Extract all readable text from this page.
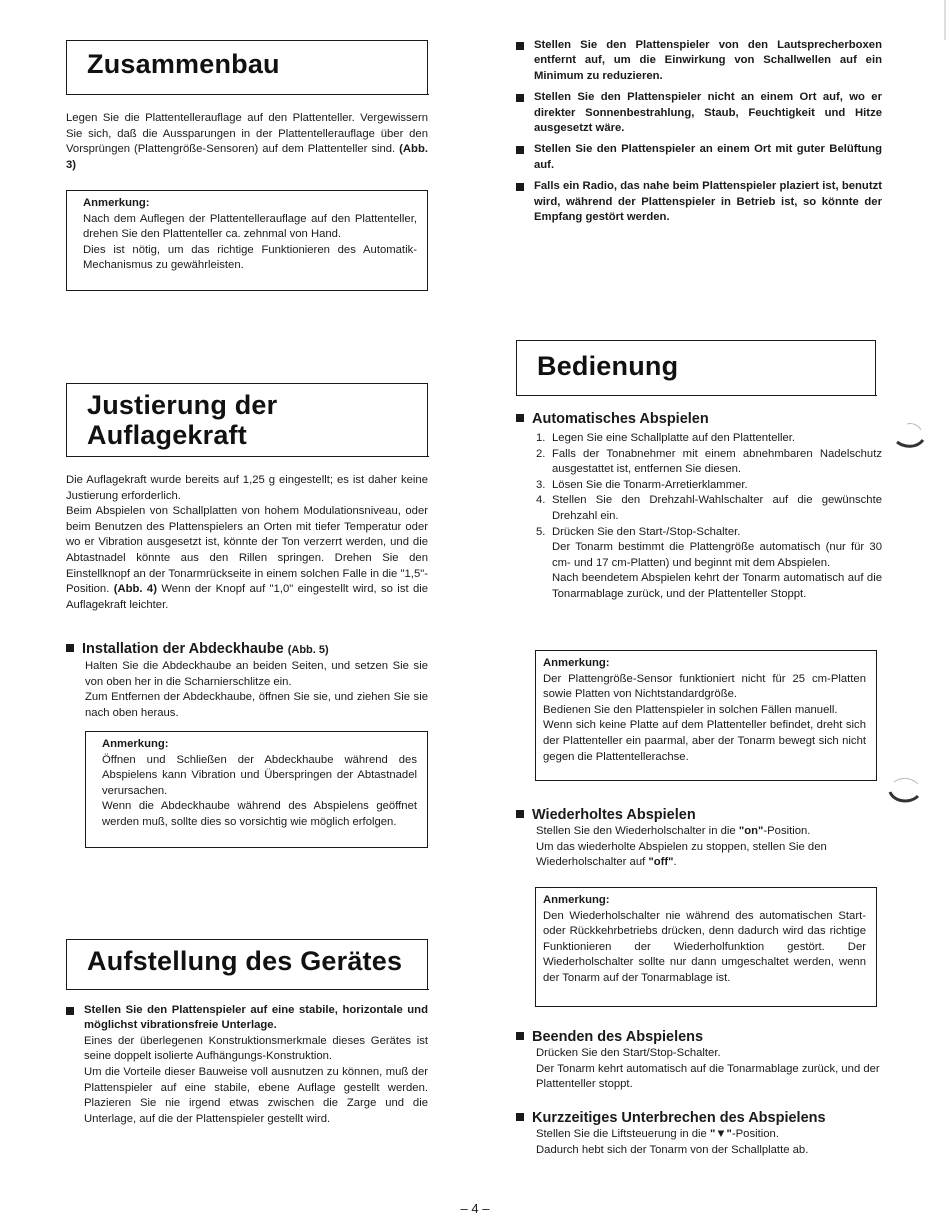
Zusammenbau

Legen Sie die Plattentellerauflage auf den Plattenteller. Vergewissern Sie sich, daß die Aussparungen in der Plattentellerauflage über den Vorsprüngen (Plattengröße-Sensoren) auf dem Plattenteller sind. (Abb. 3)

Anmerkung:
Nach dem Auflegen der Plattentellerauflage auf den Plattenteller, drehen Sie den Plattenteller ca. zehnmal von Hand.
Dies ist nötig, um das richtige Funktionieren des Automatik-Mechanismus zu gewährleisten.
Justierung der
Auflagekraft

Die Auflagekraft wurde bereits auf 1,25 g eingestellt; es ist daher keine Justierung erforderlich.

Beim Abspielen von Schallplatten von hohem Modulationsniveau, oder beim Benutzen des Plattenspielers an Orten mit tiefer Temperatur oder wo er Vibration ausgesetzt ist, könnte der Ton verzerrt werden, und die Abtastnadel könnte aus den Rillen springen. Drehen Sie den Einstellknopf an der Tonarmrückseite in einem solchen Falle in die "1,5"-Position. (Abb. 4) Wenn der Knopf auf "1,0" eingestellt wird, so ist die Auflagekraft leichter.

Installation der Abdeckhaube (Abb. 5)
Halten Sie die Abdeckhaube an beiden Seiten, und setzen Sie sie von oben her in die Scharnierschlitze ein.
Zum Entfernen der Abdeckhaube, öffnen Sie sie, und ziehen Sie sie nach oben heraus.
Anmerkung:
Öffnen und Schließen der Abdeckhaube während des Abspielens kann Vibration und Überspringen der Abtastnadel verursachen.
Wenn die Abdeckhaube während des Abspielens geöffnet werden muß, sollte dies so vorsichtig wie möglich erfolgen.
Aufstellung des Gerätes
Stellen Sie den Plattenspieler auf eine stabile, horizontale und möglichst vibrationsfreie Unterlage.
Eines der überlegenen Konstruktionsmerkmale dieses Gerätes ist seine doppelt isolierte Aufhängungs-Konstruktion.
Um die Vorteile dieser Bauweise voll ausnutzen zu können, muß der Plattenspieler auf eine stabile, ebene Auflage gestellt werden. Plazieren Sie nie irgend etwas zwischen die Zarge und die Unterlage, auf die der Plattenspieler gestellt wird.
Stellen Sie den Plattenspieler von den Lautsprecherboxen entfernt auf, um die Einwirkung von Schallwellen auf ein Minimum zu reduzieren.
Stellen Sie den Plattenspieler nicht an einem Ort auf, wo er direkter Sonnenbestrahlung, Staub, Feuchtigkeit und Hitze ausgesetzt wäre.
Stellen Sie den Plattenspieler an einem Ort mit guter Belüftung auf.
Falls ein Radio, das nahe beim Plattenspieler plaziert ist, benutzt wird, während der Plattenspieler in Betrieb ist, so könnte der Empfang gestört werden.
Bedienung
Automatisches Abspielen
1. Legen Sie eine Schallplatte auf den Plattenteller.
2. Falls der Tonabnehmer mit einem abnehmbaren Nadelschutz ausgestattet ist, entfernen Sie diesen.
3. Lösen Sie die Tonarm-Arretierklammer.
4. Stellen Sie den Drehzahl-Wahlschalter auf die gewünschte Drehzahl ein.
5. Drücken Sie den Start-/Stop-Schalter.
Der Tonarm bestimmt die Plattengröße automatisch (nur für 30 cm- und 17 cm-Platten) und beginnt mit dem Abspielen.
Nach beendetem Abspielen kehrt der Tonarm automatisch auf die Tonarmablage zurück, und der Plattenteller Stoppt.
Anmerkung:
Der Plattengröße-Sensor funktioniert nicht für 25 cm-Platten sowie Platten von Nichtstandardgröße.
Bedienen Sie den Plattenspieler in solchen Fällen manuell.
Wenn sich keine Platte auf dem Plattenteller befindet, dreht sich der Plattenteller ein paarmal, aber der Tonarm bewegt sich nicht gegen die Plattentellerachse.
Wiederholtes Abspielen
Stellen Sie den Wiederholschalter in die "on"-Position.
Um das wiederholte Abspielen zu stoppen, stellen Sie den Wiederholschalter auf "off".
Anmerkung:
Den Wiederholschalter nie während des automatischen Start- oder Rückkehrbetriebs drücken, denn dadurch wird das richtige Funktionieren der Wiederholfunktion gestört. Der Wiederholschalter sollte nur dann umgeschaltet werden, wenn der Tonarm auf der Tonarmablage ist.
Beenden des Abspielens
Drücken Sie den Start/Stop-Schalter.
Der Tonarm kehrt automatisch auf die Tonarmablage zurück, und der Plattenteller stoppt.
Kurzzeitiges Unterbrechen des Abspielens
Stellen Sie die Liftsteuerung in die "▼"-Position.
Dadurch hebt sich der Tonarm von der Schallplatte ab.
– 4 –
